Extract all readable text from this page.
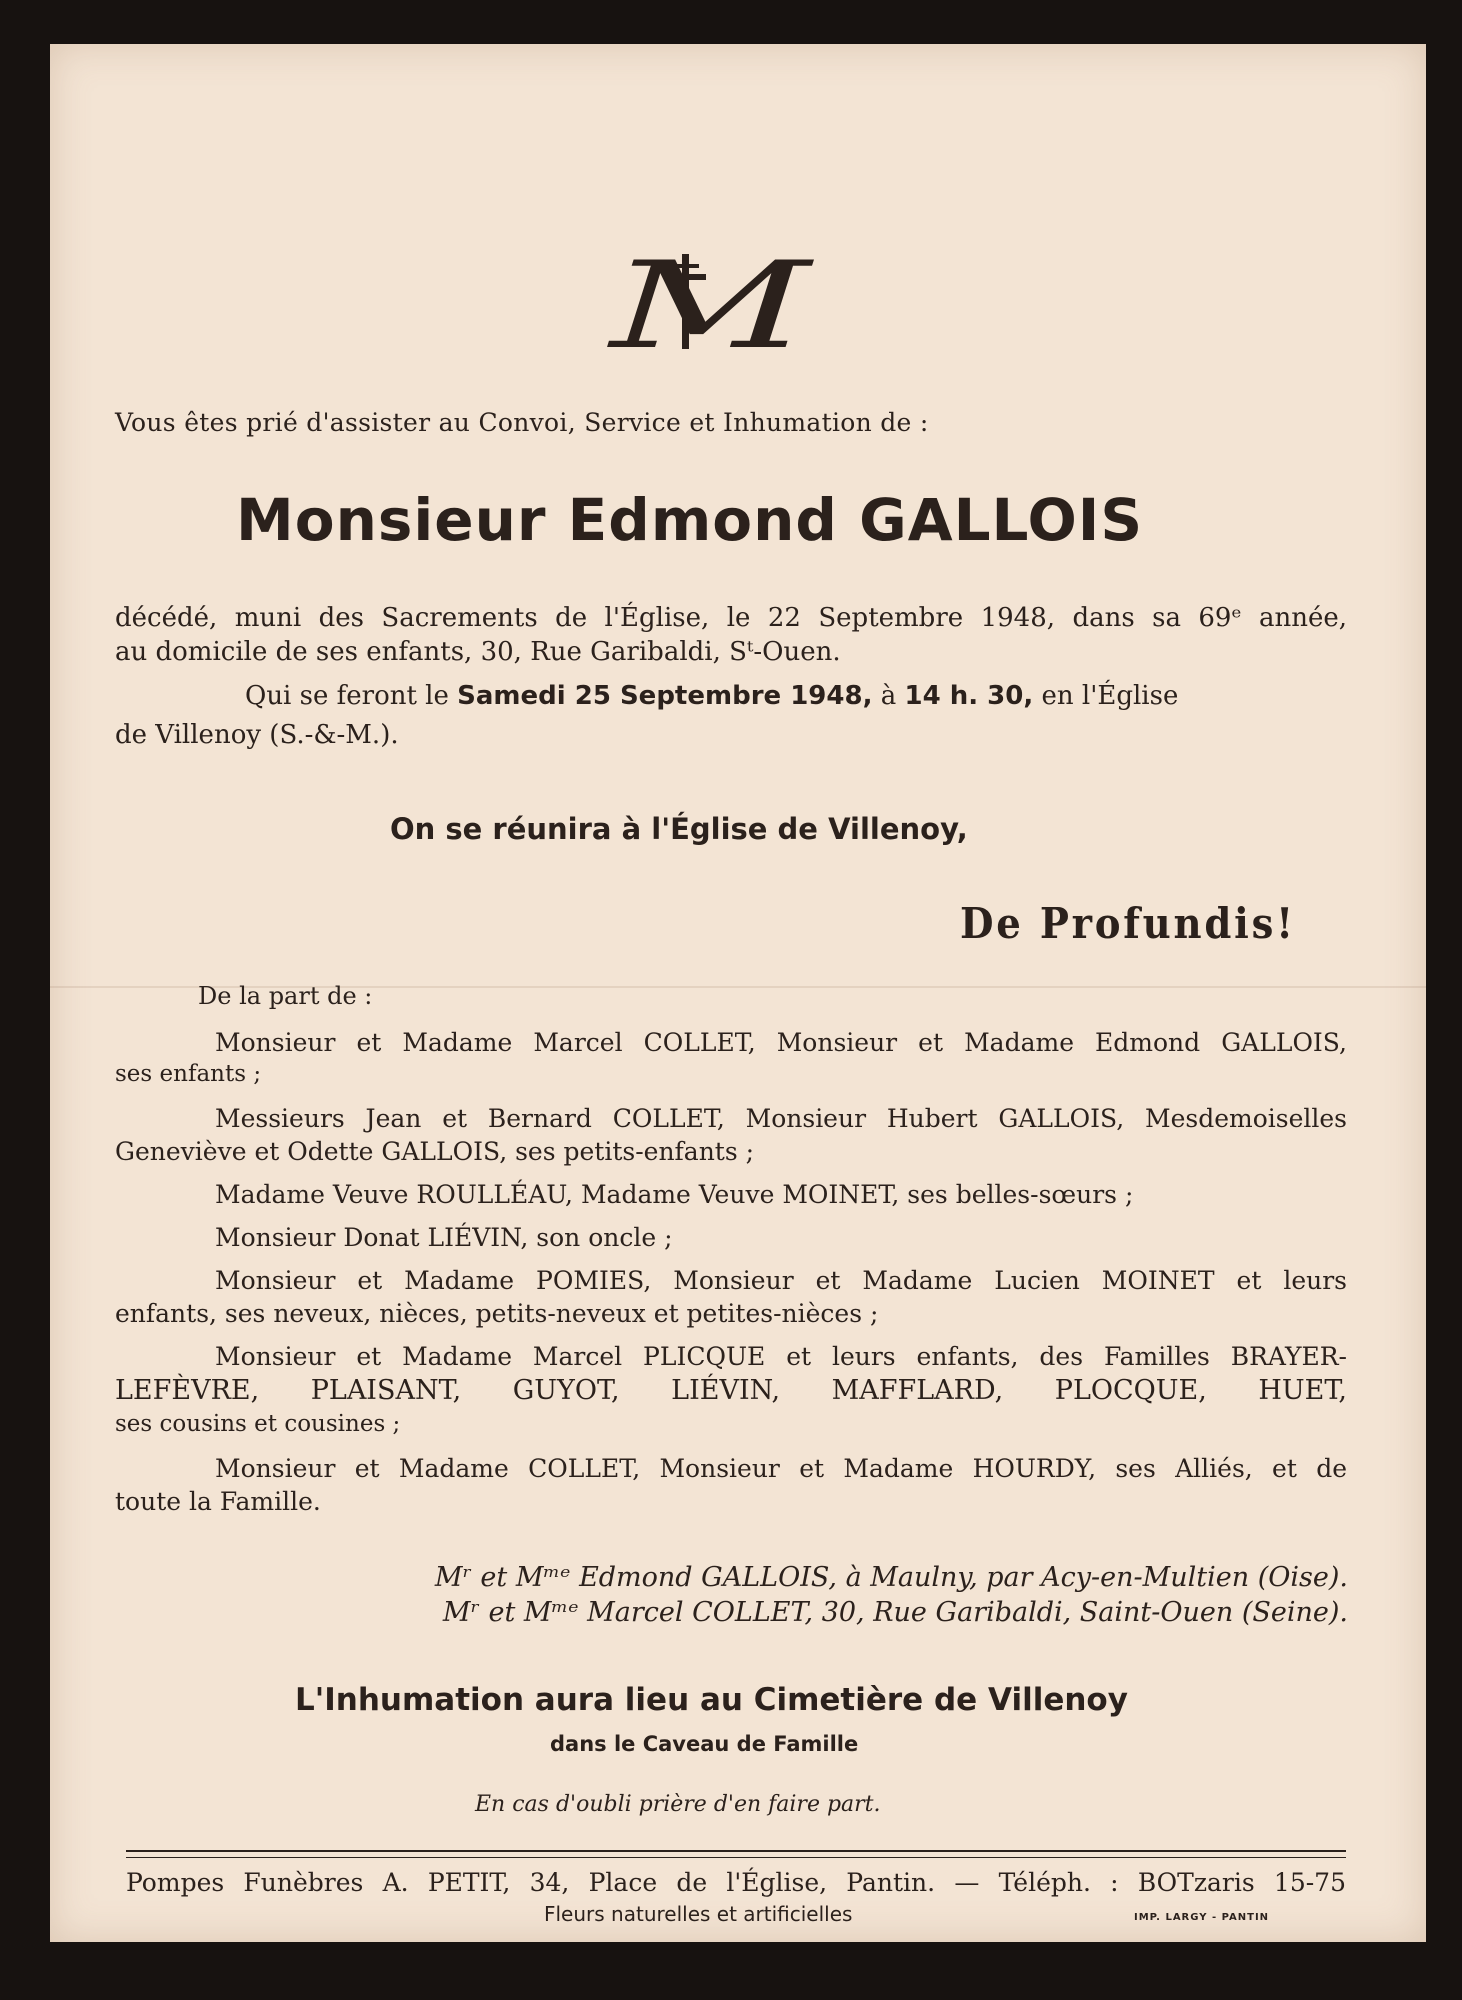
M
Vous êtes prié d'assister au Convoi, Service et Inhumation de :
Monsieur Edmond GALLOIS
décédé, muni des Sacrements de l'Église, le 22 Septembre 1948, dans sa 69ᵉ année,
au domicile de ses enfants, 30, Rue Garibaldi, Sᵗ-Ouen.
Qui se feront le Samedi 25 Septembre 1948, à 14 h. 30, en l'Église
de Villenoy (S.-&-M.).
On se réunira à l'Église de Villenoy,
De Profundis!
De la part de :
Monsieur et Madame Marcel COLLET, Monsieur et Madame Edmond GALLOIS,
ses enfants ;
Messieurs Jean et Bernard COLLET, Monsieur Hubert GALLOIS, Mesdemoiselles
Geneviève et Odette GALLOIS, ses petits-enfants ;
Madame Veuve ROULLÉAU, Madame Veuve MOINET, ses belles-sœurs ;
Monsieur Donat LIÉVIN, son oncle ;
Monsieur et Madame POMIES, Monsieur et Madame Lucien MOINET et leurs
enfants, ses neveux, nièces, petits-neveux et petites-nièces ;
Monsieur et Madame Marcel PLICQUE et leurs enfants, des Familles BRAYER-
LEFÈVRE, PLAISANT, GUYOT, LIÉVIN, MAFFLARD, PLOCQUE, HUET,
ses cousins et cousines ;
Monsieur et Madame COLLET, Monsieur et Madame HOURDY, ses Alliés, et de
toute la Famille.
Mʳ et Mᵐᵉ Edmond GALLOIS, à Maulny, par Acy-en-Multien (Oise).
Mʳ et Mᵐᵉ Marcel COLLET, 30, Rue Garibaldi, Saint-Ouen (Seine).
L'Inhumation aura lieu au Cimetière de Villenoy
dans le Caveau de Famille
En cas d'oubli prière d'en faire part.
Pompes Funèbres A. PETIT, 34, Place de l'Église, Pantin. — Téléph. : BOTzaris 15-75
Fleurs naturelles et artificielles	IMP. LARGY - PANTIN
